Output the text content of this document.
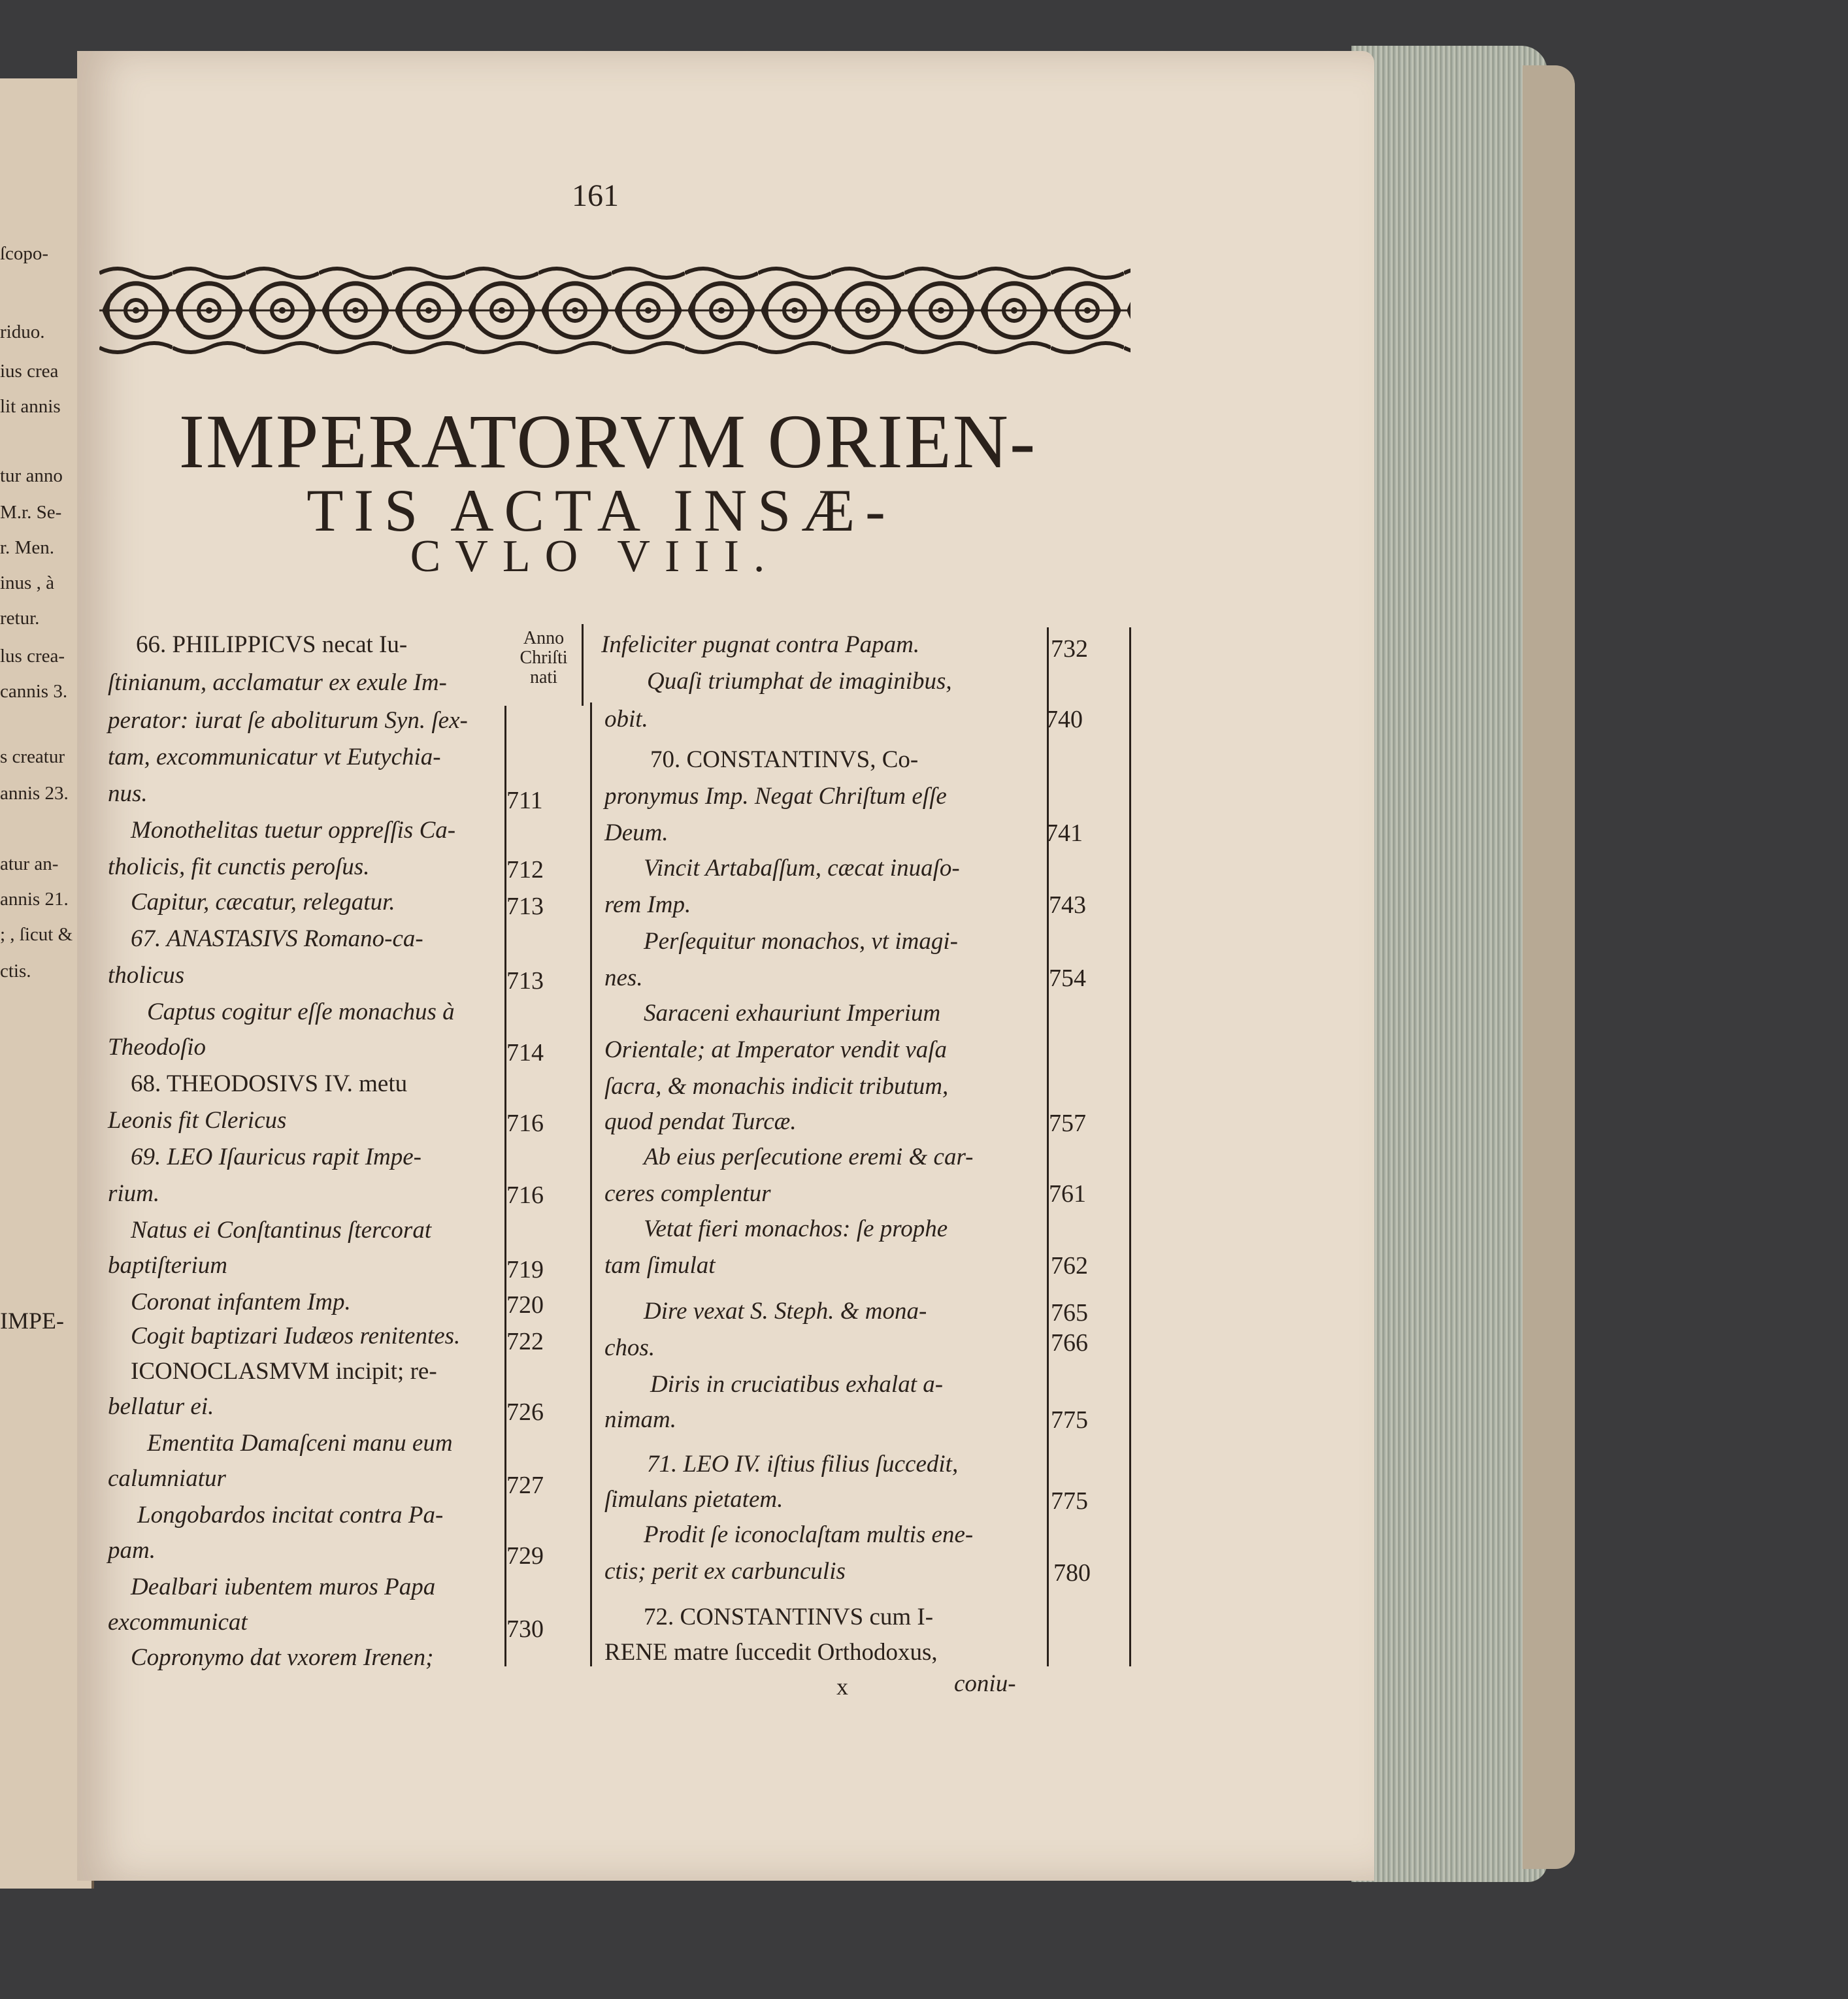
ſcopo-
riduo.
ius crea
lit annis
tur anno
M.r. Se-
r. Men.
inus , à
retur.
lus crea-
cannis 3.
s creatur
annis 23.
atur an-
annis 21.
; , ſicut &
ctis.
IMPE-
161
IMPERATORVM ORIEN-
TIS ACTA INSÆ-
CVLO VIII.
Anno
Chriſti
nati
66. PHILIPPICVS necat Iu-
ſtinianum, acclamatur ex exule Im-
perator: iurat ſe aboliturum Syn. ſex-
tam, excommunicatur vt Eutychia-
nus.
Monothelitas tuetur oppreſſis Ca-
tholicis, fit cunctis peroſus.
Capitur, cæcatur, relegatur.
67. ANASTASIVS Romano-ca-
tholicus
Captus cogitur eſſe monachus à
Theodoſio
68. THEODOSIVS IV. metu
Leonis fit Clericus
69. LEO Iſauricus rapit Impe-
rium.
Natus ei Conſtantinus ſtercorat
baptiſterium
Coronat infantem Imp.
Cogit baptizari Iudæos renitentes.
ICONOCLASMVM incipit; re-
bellatur ei.
Ementita Damaſceni manu eum
calumniatur
Longobardos incitat contra Pa-
pam.
Dealbari iubentem muros Papa
excommunicat
Copronymo dat vxorem Irenen;
711
712
713
713
714
716
716
719
720
722
726
727
729
730
Infeliciter pugnat contra Papam.
Quaſi triumphat de imaginibus,
obit.
70. CONSTANTINVS, Co-
pronymus Imp. Negat Chriſtum eſſe
Deum.
Vincit Artabaſſum, cæcat inuaſo-
rem Imp.
Perſequitur monachos, vt imagi-
nes.
Saraceni exhauriunt Imperium
Orientale; at Imperator vendit vaſa
ſacra, & monachis indicit tributum,
quod pendat Turcæ.
Ab eius perſecutione eremi & car-
ceres complentur
Vetat fieri monachos: ſe prophe
tam ſimulat
Dire vexat S. Steph. & mona-
chos.
Diris in cruciatibus exhalat a-
nimam.
71. LEO IV. iſtius filius ſuccedit,
ſimulans pietatem.
Prodit ſe iconoclaſtam multis ene-
ctis; perit ex carbunculis
72. CONSTANTINVS cum I-
RENE matre ſuccedit Orthodoxus,
732
740
741
743
754
757
761
762
765
766
775
775
780
x	coniu-
